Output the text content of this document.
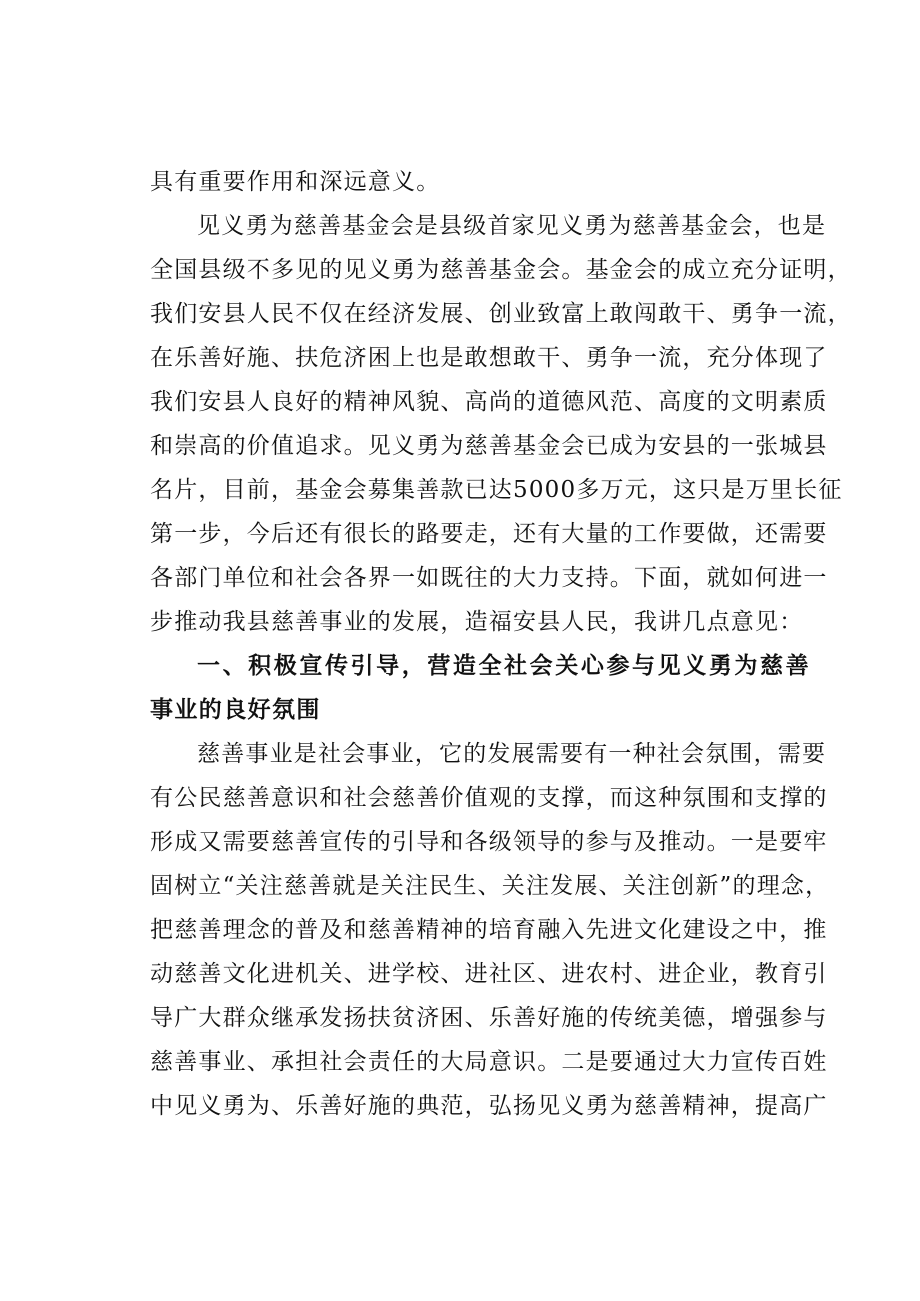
具有重要作用和深远意义。
见义勇为慈善基金会是县级首家见义勇为慈善基金会，也是
全国县级不多见的见义勇为慈善基金会。基金会的成立充分证明，
我们安县人民不仅在经济发展、创业致富上敢闯敢干、勇争一流，
在乐善好施、扶危济困上也是敢想敢干、勇争一流，充分体现了
我们安县人良好的精神风貌、高尚的道德风范、高度的文明素质
和崇高的价值追求。见义勇为慈善基金会已成为安县的一张城县
名片，目前，基金会募集善款已达5000多万元，这只是万里长征
第一步，今后还有很长的路要走，还有大量的工作要做，还需要
各部门单位和社会各界一如既往的大力支持。下面，就如何进一
步推动我县慈善事业的发展，造福安县人民，我讲几点意见：
一、积极宣传引导，营造全社会关心参与见义勇为慈善
事业的良好氛围
慈善事业是社会事业，它的发展需要有一种社会氛围，需要
有公民慈善意识和社会慈善价值观的支撑，而这种氛围和支撑的
形成又需要慈善宣传的引导和各级领导的参与及推动。一是要牢
固树立“关注慈善就是关注民生、关注发展、关注创新”的理念，
把慈善理念的普及和慈善精神的培育融入先进文化建设之中，推
动慈善文化进机关、进学校、进社区、进农村、进企业，教育引
导广大群众继承发扬扶贫济困、乐善好施的传统美德，增强参与
慈善事业、承担社会责任的大局意识。二是要通过大力宣传百姓
中见义勇为、乐善好施的典范，弘扬见义勇为慈善精神，提高广
